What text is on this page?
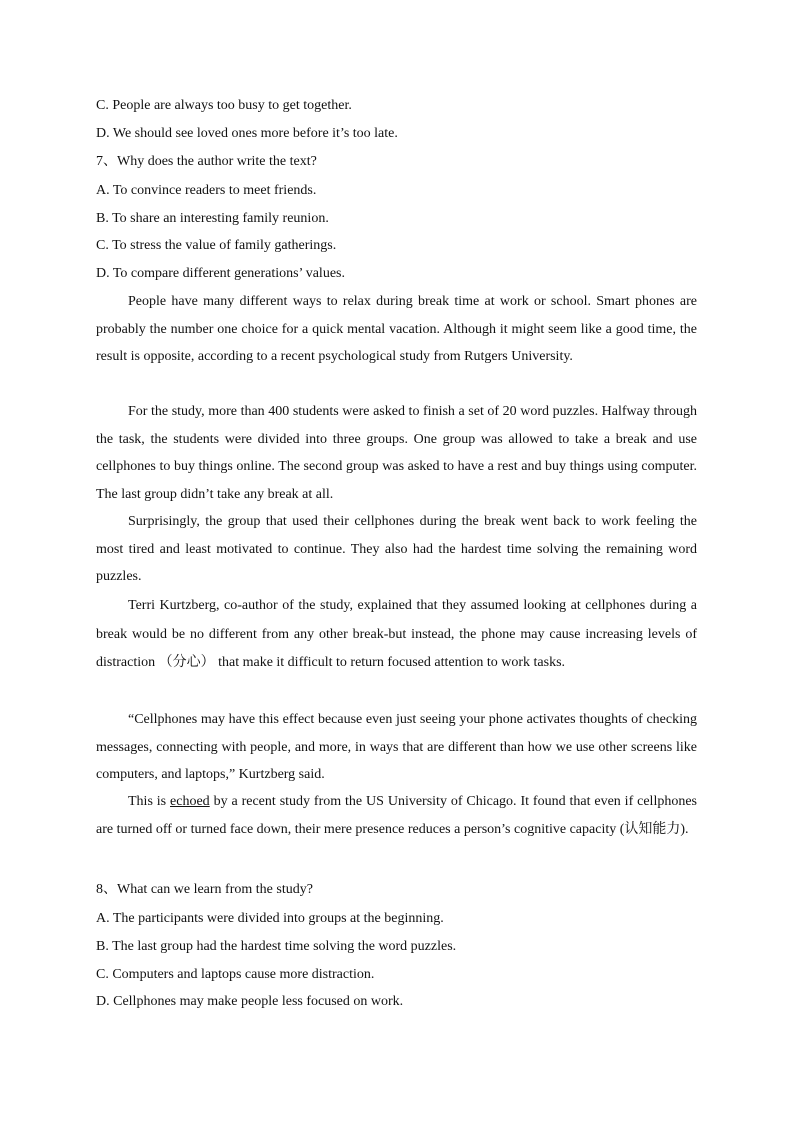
C. People are always too busy to get together.
D. We should see loved ones more before it’s too late.
7、Why does the author write the text?
A. To convince readers to meet friends.
B. To share an interesting family reunion.
C. To stress the value of family gatherings.
D. To compare different generations’ values.
People have many different ways to relax during break time at work or school. Smart phones are probably the number one choice for a quick mental vacation. Although it might seem like a good time, the result is opposite, according to a recent psychological study from Rutgers University.
For the study, more than 400 students were asked to finish a set of 20 word puzzles. Halfway through the task, the students were divided into three groups. One group was allowed to take a break and use cellphones to buy things online. The second group was asked to have a rest and buy things using computer. The last group didn’t take any break at all.
Surprisingly, the group that used their cellphones during the break went back to work feeling the most tired and least motivated to continue. They also had the hardest time solving the remaining word puzzles.
Terri Kurtzberg, co-author of the study, explained that they assumed looking at cellphones during a break would be no different from any other break-but instead, the phone may cause increasing levels of distraction （分心） that make it difficult to return focused attention to work tasks.
“Cellphones may have this effect because even just seeing your phone activates thoughts of checking messages, connecting with people, and more, in ways that are different than how we use other screens like computers, and laptops,” Kurtzberg said.
This is echoed by a recent study from the US University of Chicago. It found that even if cellphones are turned off or turned face down, their mere presence reduces a person’s cognitive capacity (认知能力).
8、What can we learn from the study?
A. The participants were divided into groups at the beginning.
B. The last group had the hardest time solving the word puzzles.
C. Computers and laptops cause more distraction.
D. Cellphones may make people less focused on work.
